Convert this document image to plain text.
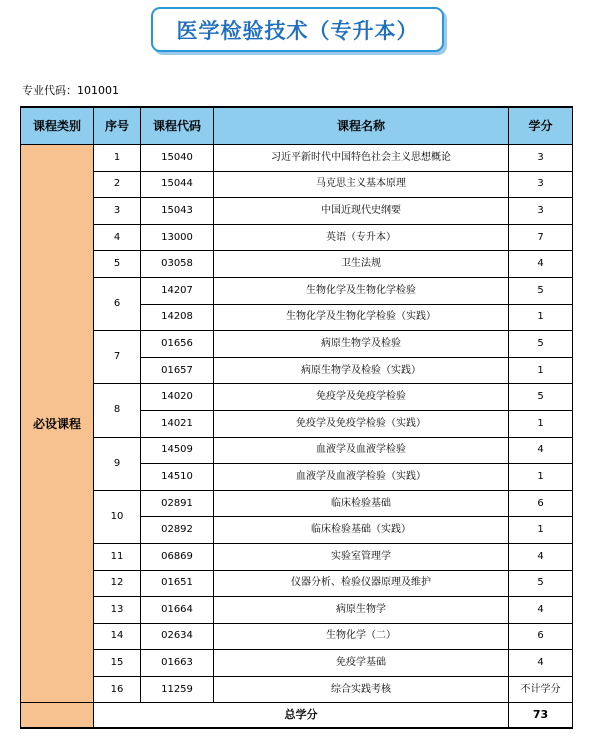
医学检验技术（专升本）
专业代码：101001
课程类别	序号	课程代码	课程名称	学分
必设课程	1	15040	习近平新时代中国特色社会主义思想概论	3
	2	15044	马克思主义基本原理	3
	3	15043	中国近现代史纲要	3
	4	13000	英语（专升本）	7
	5	03058	卫生法规	4
	6	14207	生物化学及生物化学检验	5
		14208	生物化学及生物化学检验（实践）	1
	7	01656	病原生物学及检验	5
		01657	病原生物学及检验（实践）	1
	8	14020	免疫学及免疫学检验	5
		14021	免疫学及免疫学检验（实践）	1
	9	14509	血液学及血液学检验	4
		14510	血液学及血液学检验（实践）	1
	10	02891	临床检验基础	6
		02892	临床检验基础（实践）	1
	11	06869	实验室管理学	4
	12	01651	仪器分析、检验仪器原理及维护	5
	13	01664	病原生物学	4
	14	02634	生物化学（二）	6
	15	01663	免疫学基础	4
	16	11259	综合实践考核	不计学分
	总学分			73
